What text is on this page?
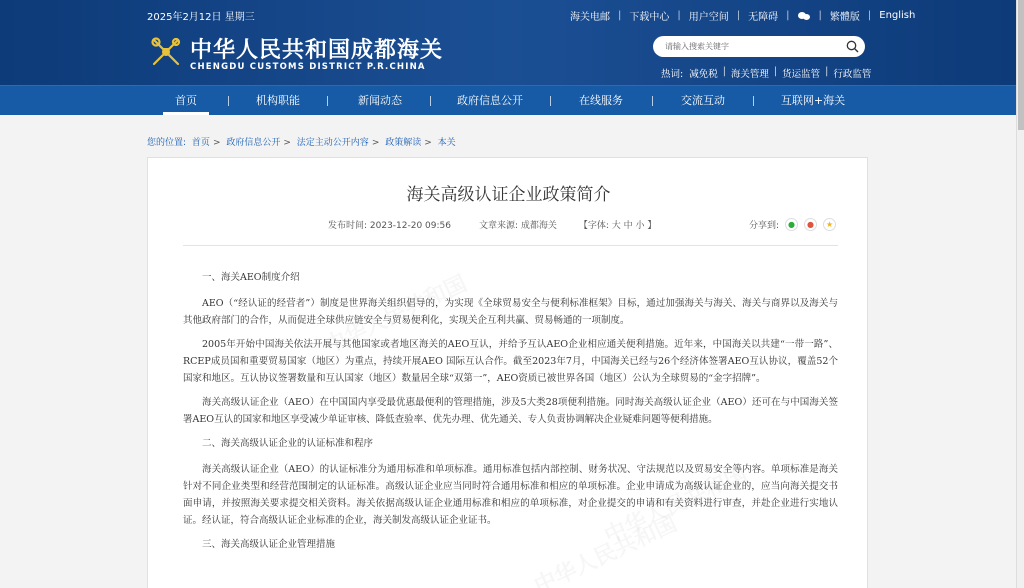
2025年2月12日 星期三	海关电邮 | 下载中心 | 用户空间 | 无障碍 |	| 繁體版 | English
中华人民共和国成都海关
CHENGDU CUSTOMS DISTRICT P.R.CHINA
请输入搜索关键字
热词: 减免税 | 海关管理 | 货运监管 | 行政监管
首页	机构职能	新闻动态	政府信息公开	在线服务	交流互动	互联网+海关
您的位置: 首页 > 政府信息公开 > 法定主动公开内容 > 政策解读 > 本关
海关高级认证企业政策简介
发布时间: 2023-12-20 09:56	文章来源: 成都海关 【字体: 大 中 小 】	分享到:	●	●	★

一、海关AEO制度介绍

AEO（“经认证的经营者”）制度是世界海关组织倡导的，为实现《全球贸易安全与便利标准框架》目标，通过加强海关与海关、海关与商界以及海关与其他政府部门的合作，从而促进全球供应链安全与贸易便利化，实现关企互利共赢、贸易畅通的一项制度。

2005年开始中国海关依法开展与其他国家或者地区海关的AEO互认，并给予互认AEO企业相应通关便利措施。近年来，中国海关以共建“一带一路”、RCEP成员国和重要贸易国家（地区）为重点，持续开展AEO 国际互认合作。截至2023年7月，中国海关已经与26个经济体签署AEO互认协议，覆盖52个国家和地区。互认协议签署数量和互认国家（地区）数量居全球“双第一”，AEO资质已被世界各国（地区）公认为全球贸易的“金字招牌”。

海关高级认证企业（AEO）在中国国内享受最优惠最便利的管理措施，涉及5大类28项便利措施。同时海关高级认证企业（AEO）还可在与中国海关签署AEO互认的国家和地区享受减少单证审核、降低查验率、优先办理、优先通关、专人负责协调解决企业疑难问题等便利措施。

二、海关高级认证企业的认证标准和程序

海关高级认证企业（AEO）的认证标准分为通用标准和单项标准。通用标准包括内部控制、财务状况、守法规范以及贸易安全等内容。单项标准是海关针对不同企业类型和经营范围制定的认证标准。高级认证企业应当同时符合通用标准和相应的单项标准。企业申请成为高级认证企业的，应当向海关提交书面申请，并按照海关要求提交相关资料。海关依据高级认证企业通用标准和相应的单项标准，对企业提交的申请和有关资料进行审查，并赴企业进行实地认证。经认证，符合高级认证企业标准的企业，海关制发高级认证企业证书。

三、海关高级认证企业管理措施
